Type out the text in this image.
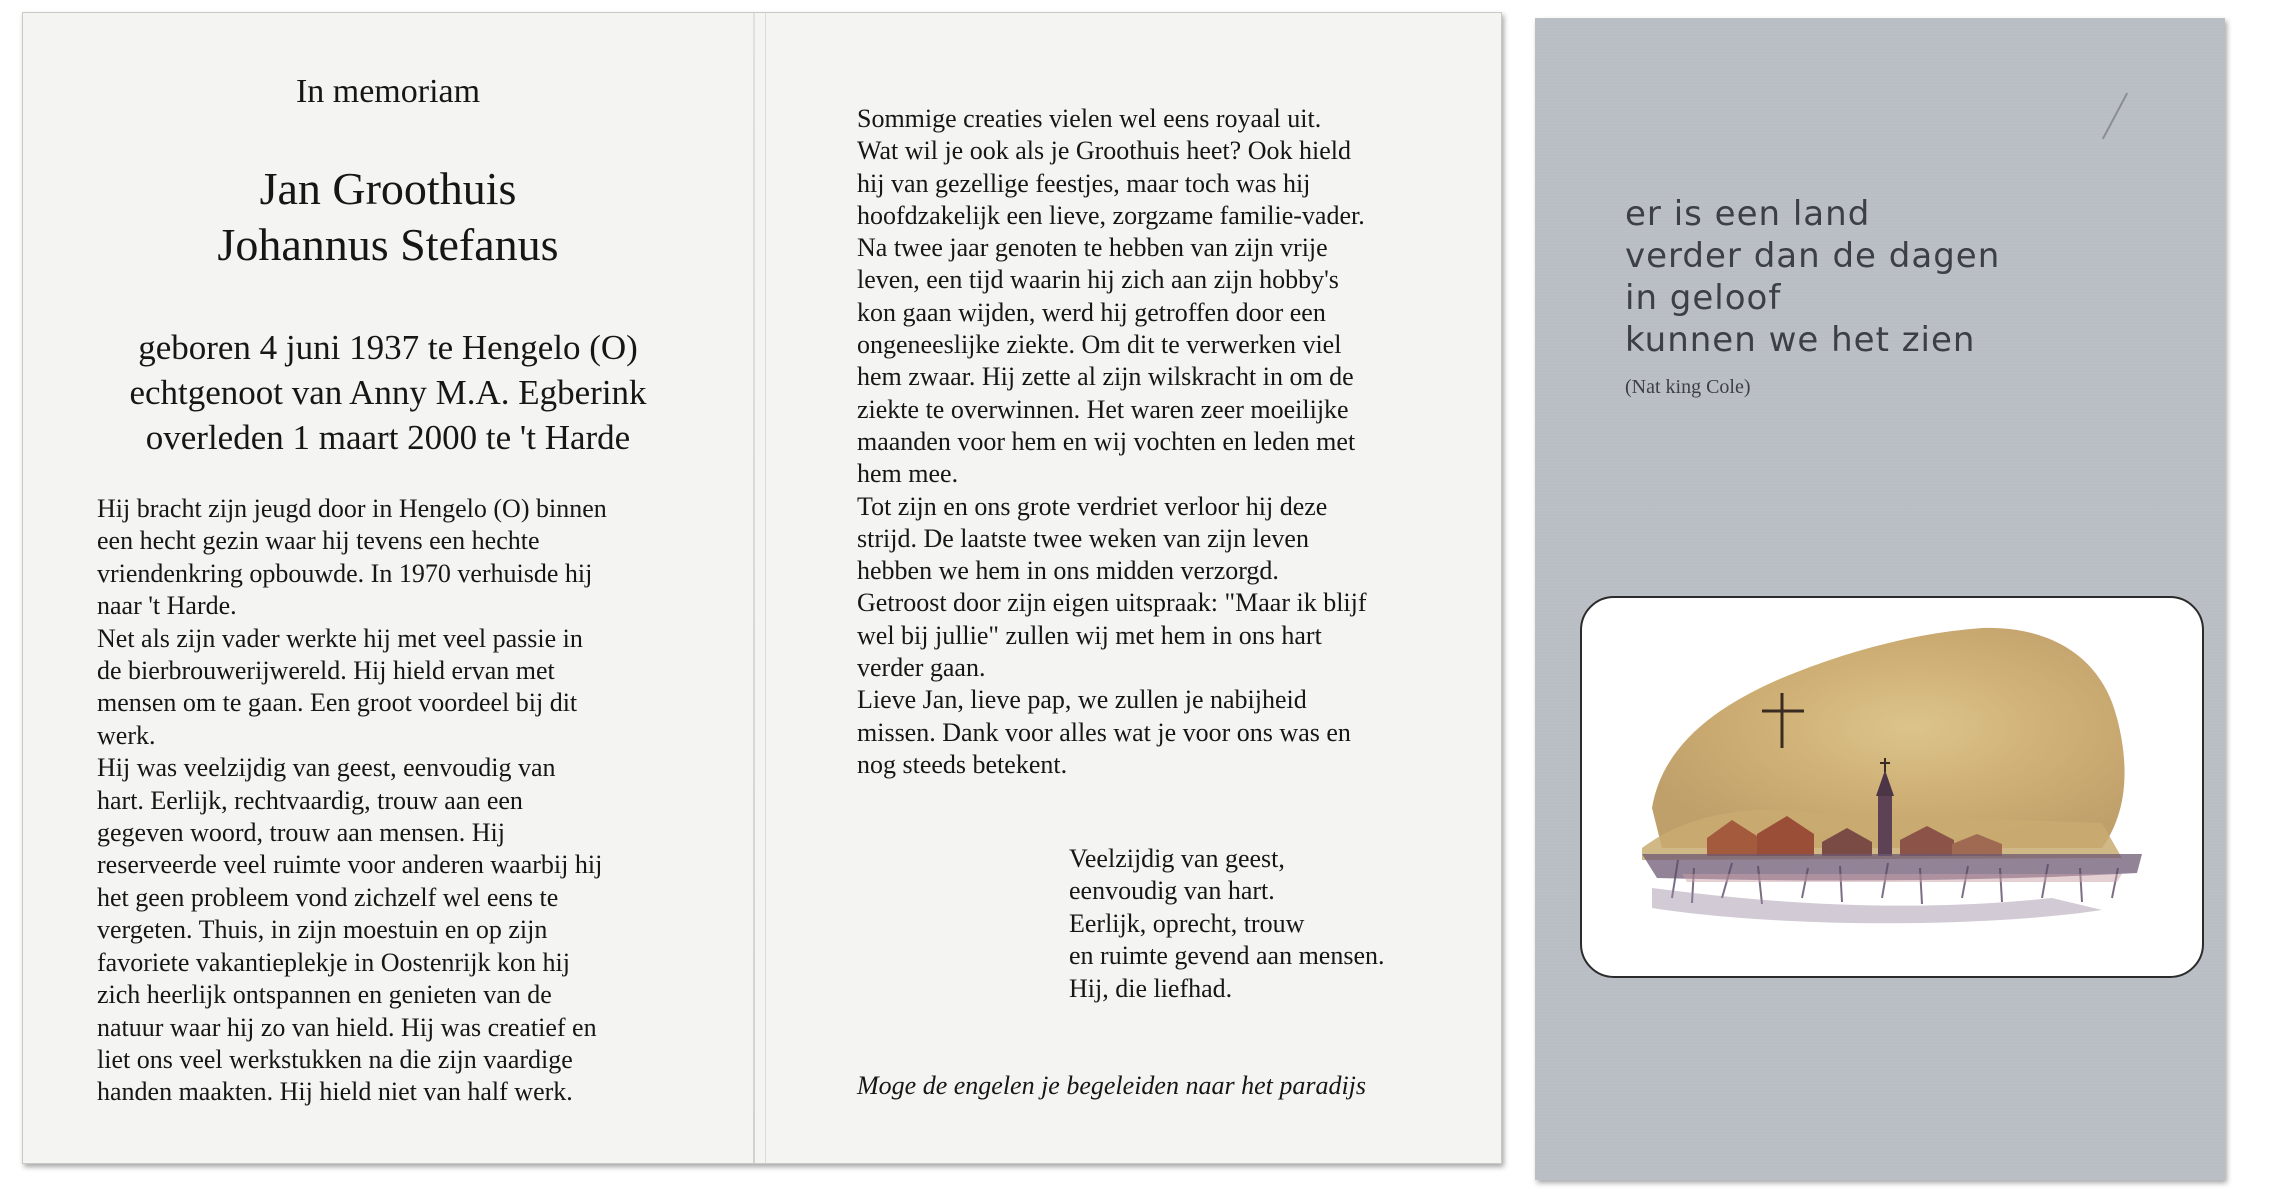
In memoriam
Jan Groothuis
Johannus Stefanus
geboren 4 juni 1937 te Hengelo (O)
echtgenoot van Anny M.A. Egberink
overleden 1 maart 2000 te 't Harde
Hij bracht zijn jeugd door in Hengelo (O) binnen
een hecht gezin waar hij tevens een hechte
vriendenkring opbouwde. In 1970 verhuisde hij
naar 't Harde.
Net als zijn vader werkte hij met veel passie in
de bierbrouwerijwereld. Hij hield ervan met
mensen om te gaan. Een groot voordeel bij dit
werk.
Hij was veelzijdig van geest, eenvoudig van
hart. Eerlijk, rechtvaardig, trouw aan een
gegeven woord, trouw aan mensen. Hij
reserveerde veel ruimte voor anderen waarbij hij
het geen probleem vond zichzelf wel eens te
vergeten. Thuis, in zijn moestuin en op zijn
favoriete vakantieplekje in Oostenrijk kon hij
zich heerlijk ontspannen en genieten van de
natuur waar hij zo van hield. Hij was creatief en
liet ons veel werkstukken na die zijn vaardige
handen maakten. Hij hield niet van half werk.
Sommige creaties vielen wel eens royaal uit.
Wat wil je ook als je Groothuis heet? Ook hield
hij van gezellige feestjes, maar toch was hij
hoofdzakelijk een lieve, zorgzame familie-vader.
Na twee jaar genoten te hebben van zijn vrije
leven, een tijd waarin hij zich aan zijn hobby's
kon gaan wijden, werd hij getroffen door een
ongeneeslijke ziekte. Om dit te verwerken viel
hem zwaar. Hij zette al zijn wilskracht in om de
ziekte te overwinnen. Het waren zeer moeilijke
maanden voor hem en wij vochten en leden met
hem mee.
Tot zijn en ons grote verdriet verloor hij deze
strijd. De laatste twee weken van zijn leven
hebben we hem in ons midden verzorgd.
Getroost door zijn eigen uitspraak: "Maar ik blijf
wel bij jullie" zullen wij met hem in ons hart
verder gaan.
Lieve Jan, lieve pap, we zullen je nabijheid
missen. Dank voor alles wat je voor ons was en
nog steeds betekent.
Veelzijdig van geest,
eenvoudig van hart.
Eerlijk, oprecht, trouw
en ruimte gevend aan mensen.
Hij, die liefhad.
Moge de engelen je begeleiden naar het paradijs
er is een land
verder dan de dagen
in geloof
kunnen we het zien
(Nat king Cole)
